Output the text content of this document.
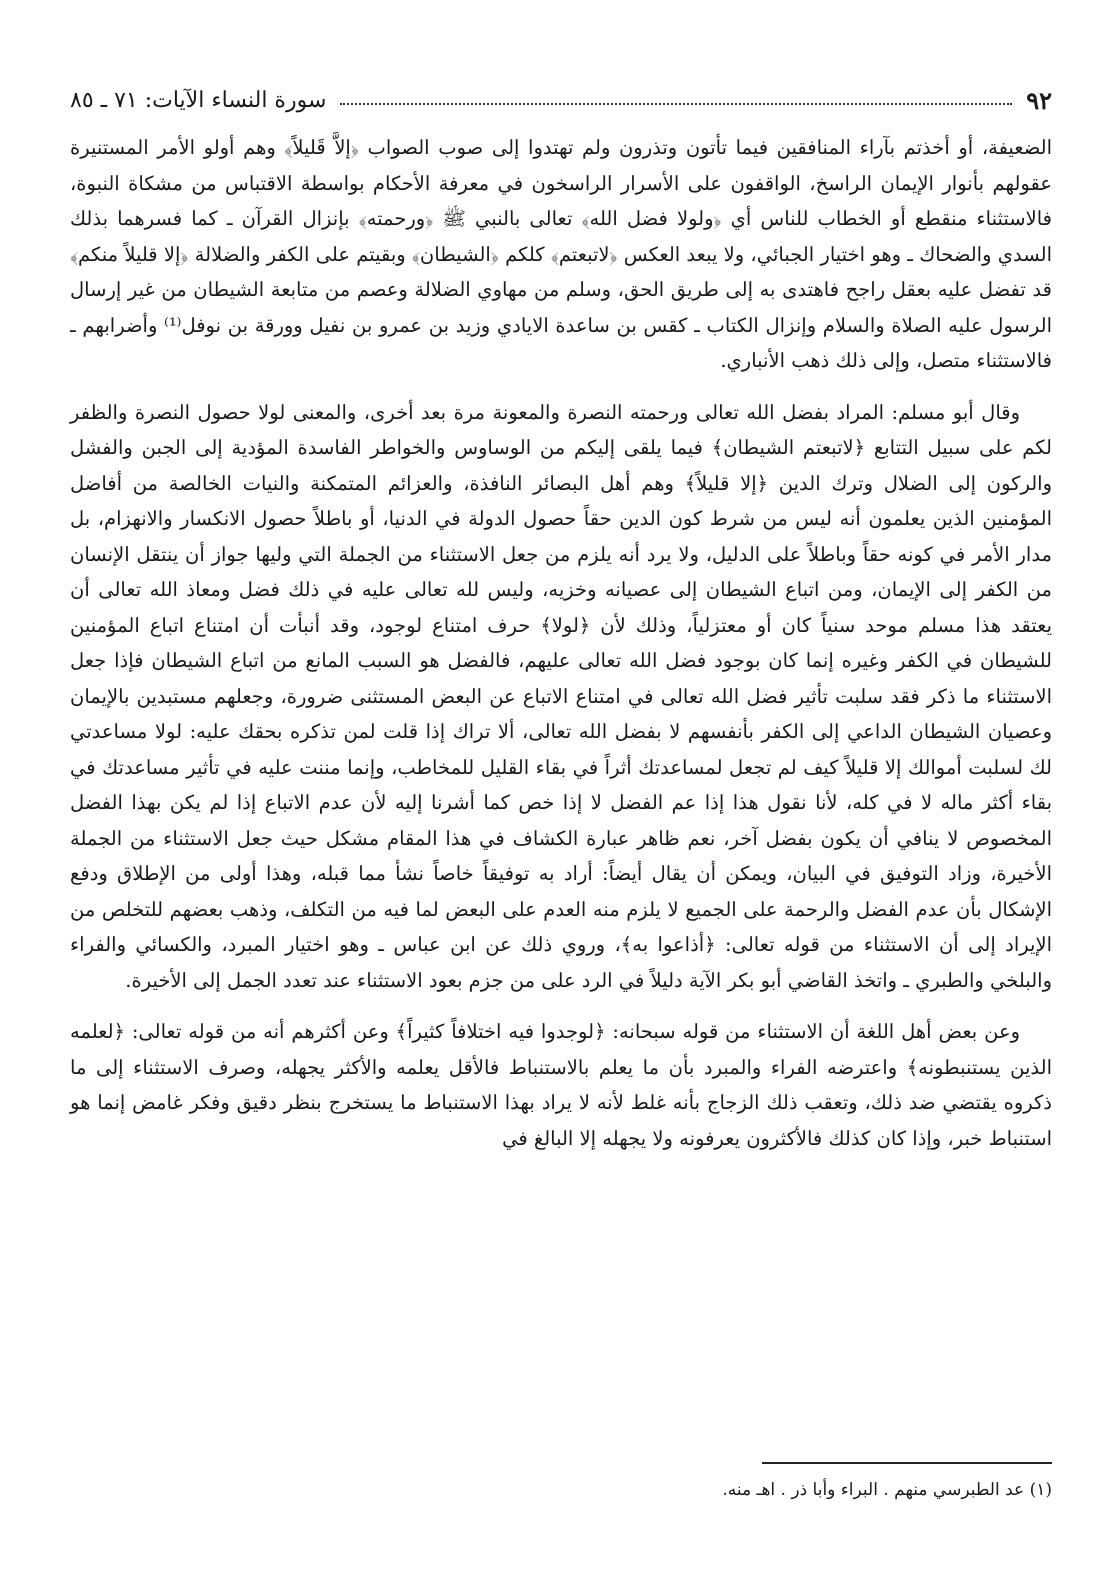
٩٢
سورة النساء الآيات: ٧١ ـ ٨٥

الضعيفة، أو أخذتم بآراء المنافقين فيما تأتون وتذرون ولم تهتدوا إلى صوب الصواب ﴿إلاَّ قَليلاً﴾ وهم أولو الأمر المستنيرة عقولهم بأنوار الإيمان الراسخ، الواقفون على الأسرار الراسخون في معرفة الأحكام بواسطة الاقتباس من مشكاة النبوة، فالاستثناء منقطع أو الخطاب للناس أي ﴿ولولا فضل الله﴾ تعالى بالنبي ﷺ ﴿ورحمته﴾ بإنزال القرآن ـ كما فسرهما بذلك السدي والضحاك ـ وهو اختيار الجبائي، ولا يبعد العكس ﴿لاتبعتم﴾ كلكم ﴿الشيطان﴾ وبقيتم على الكفر والضلالة ﴿إلا قليلاً منكم﴾ قد تفضل عليه بعقل راجح فاهتدى به إلى طريق الحق، وسلم من مهاوي الضلالة وعصم من متابعة الشيطان من غير إرسال الرسول عليه الصلاة والسلام وإنزال الكتاب ـ كقس بن ساعدة الايادي وزيد بن عمرو بن نفيل وورقة بن نوفل⁽¹⁾ وأضرابهم ـ فالاستثناء متصل، وإلى ذلك ذهب الأنباري.

وقال أبو مسلم: المراد بفضل الله تعالى ورحمته النصرة والمعونة مرة بعد أخرى، والمعنى لولا حصول النصرة والظفر لكم على سبيل التتابع ﴿لاتبعتم الشيطان﴾ فيما يلقى إليكم من الوساوس والخواطر الفاسدة المؤدية إلى الجبن والفشل والركون إلى الضلال وترك الدين ﴿إلا قليلاً﴾ وهم أهل البصائر النافذة، والعزائم المتمكنة والنيات الخالصة من أفاضل المؤمنين الذين يعلمون أنه ليس من شرط كون الدين حقاً حصول الدولة في الدنيا، أو باطلاً حصول الانكسار والانهزام، بل مدار الأمر في كونه حقاً وباطلاً على الدليل، ولا يرد أنه يلزم من جعل الاستثناء من الجملة التي وليها جواز أن ينتقل الإنسان من الكفر إلى الإيمان، ومن اتباع الشيطان إلى عصيانه وخزيه، وليس لله تعالى عليه في ذلك فضل ومعاذ الله تعالى أن يعتقد هذا مسلم موحد سنياً كان أو معتزلياً، وذلك لأن ﴿لولا﴾ حرف امتناع لوجود، وقد أنبأت أن امتناع اتباع المؤمنين للشيطان في الكفر وغيره إنما كان بوجود فضل الله تعالى عليهم، فالفضل هو السبب المانع من اتباع الشيطان فإذا جعل الاستثناء ما ذكر فقد سلبت تأثير فضل الله تعالى في امتناع الاتباع عن البعض المستثنى ضرورة، وجعلهم مستبدين بالإيمان وعصيان الشيطان الداعي إلى الكفر بأنفسهم لا بفضل الله تعالى، ألا تراك إذا قلت لمن تذكره بحقك عليه: لولا مساعدتي لك لسلبت أموالك إلا قليلاً كيف لم تجعل لمساعدتك أثراً في بقاء القليل للمخاطب، وإنما مننت عليه في تأثير مساعدتك في بقاء أكثر ماله لا في كله، لأنا نقول هذا إذا عم الفضل لا إذا خص كما أشرنا إليه لأن عدم الاتباع إذا لم يكن بهذا الفضل المخصوص لا ينافي أن يكون بفضل آخر، نعم ظاهر عبارة الكشاف في هذا المقام مشكل حيث جعل الاستثناء من الجملة الأخيرة، وزاد التوفيق في البيان، ويمكن أن يقال أيضاً: أراد به توفيقاً خاصاً نشأ مما قبله، وهذا أولى من الإطلاق ودفع الإشكال بأن عدم الفضل والرحمة على الجميع لا يلزم منه العدم على البعض لما فيه من التكلف، وذهب بعضهم للتخلص من الإيراد إلى أن الاستثناء من قوله تعالى: ﴿أذاعوا به﴾، وروي ذلك عن ابن عباس ـ وهو اختيار المبرد، والكسائي والفراء والبلخي والطبري ـ واتخذ القاضي أبو بكر الآية دليلاً في الرد على من جزم بعود الاستثناء عند تعدد الجمل إلى الأخيرة.

وعن بعض أهل اللغة أن الاستثناء من قوله سبحانه: ﴿لوجدوا فيه اختلافاً كثيراً﴾ وعن أكثرهم أنه من قوله تعالى: ﴿لعلمه الذين يستنبطونه﴾ واعترضه الفراء والمبرد بأن ما يعلم بالاستنباط فالأقل يعلمه والأكثر يجهله، وصرف الاستثناء إلى ما ذكروه يقتضي ضد ذلك، وتعقب ذلك الزجاج بأنه غلط لأنه لا يراد بهذا الاستنباط ما يستخرج بنظر دقيق وفكر غامض إنما هو استنباط خبر، وإذا كان كذلك فالأكثرون يعرفونه ولا يجهله إلا البالغ في

(١) عد الطبرسي منهم . البراء وأبا ذر . اهـ منه.
